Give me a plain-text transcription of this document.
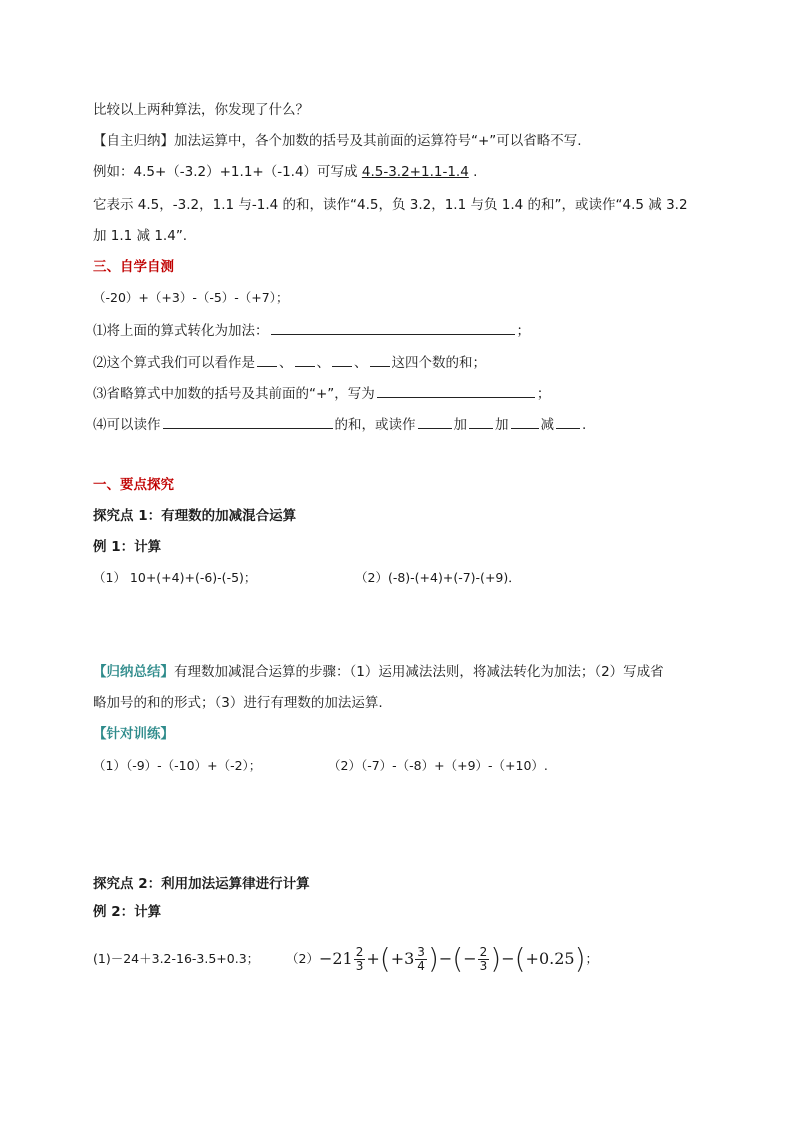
比较以上两种算法，你发现了什么？
【自主归纳】加法运算中，各个加数的括号及其前面的运算符号“+”可以省略不写.
例如：4.5+（-3.2）+1.1+（-1.4）可写成 4.5-3.2+1.1-1.4 .
它表示 4.5，-3.2，1.1 与-1.4 的和，读作“4.5，负 3.2，1.1 与负 1.4 的和”，或读作“4.5 减 3.2
加 1.1 减 1.4”.
三、自学自测
（-20）+（+3）-（-5）-（+7）；
⑴将上面的算式转化为加法：	；
⑵这个算式我们可以看作是 、 、 、 这四个数的和；
⑶省略算式中加数的括号及其前面的“+”，写为	；
⑷可以读作	的和，或读作	加 加 减 .
一、要点探究
探究点 1：有理数的加减混合运算
例 1：计算
（1） 10+(+4)+(-6)-(-5)；	（2）(-8)-(+4)+(-7)-(+9)．
【归纳总结】有理数加减混合运算的步骤：（1）运用减法法则，将减法转化为加法；（2）写成省
略加号的和的形式；（3）进行有理数的加法运算.
【针对训练】
（1）（-9）-（-10）+（-2）；	（2）（-7）-（-8）+（+9）-（+10）.
探究点 2：利用加法运算律进行计算
例 2：计算
(1)－24＋3.2-16-3.5+0.3； $(2) -21 \frac{2}{3}$ + ( $+3 \frac{3}{4}$ ) − ( − $\frac{2}{3}$ ) − ( +0.25 ) ；
